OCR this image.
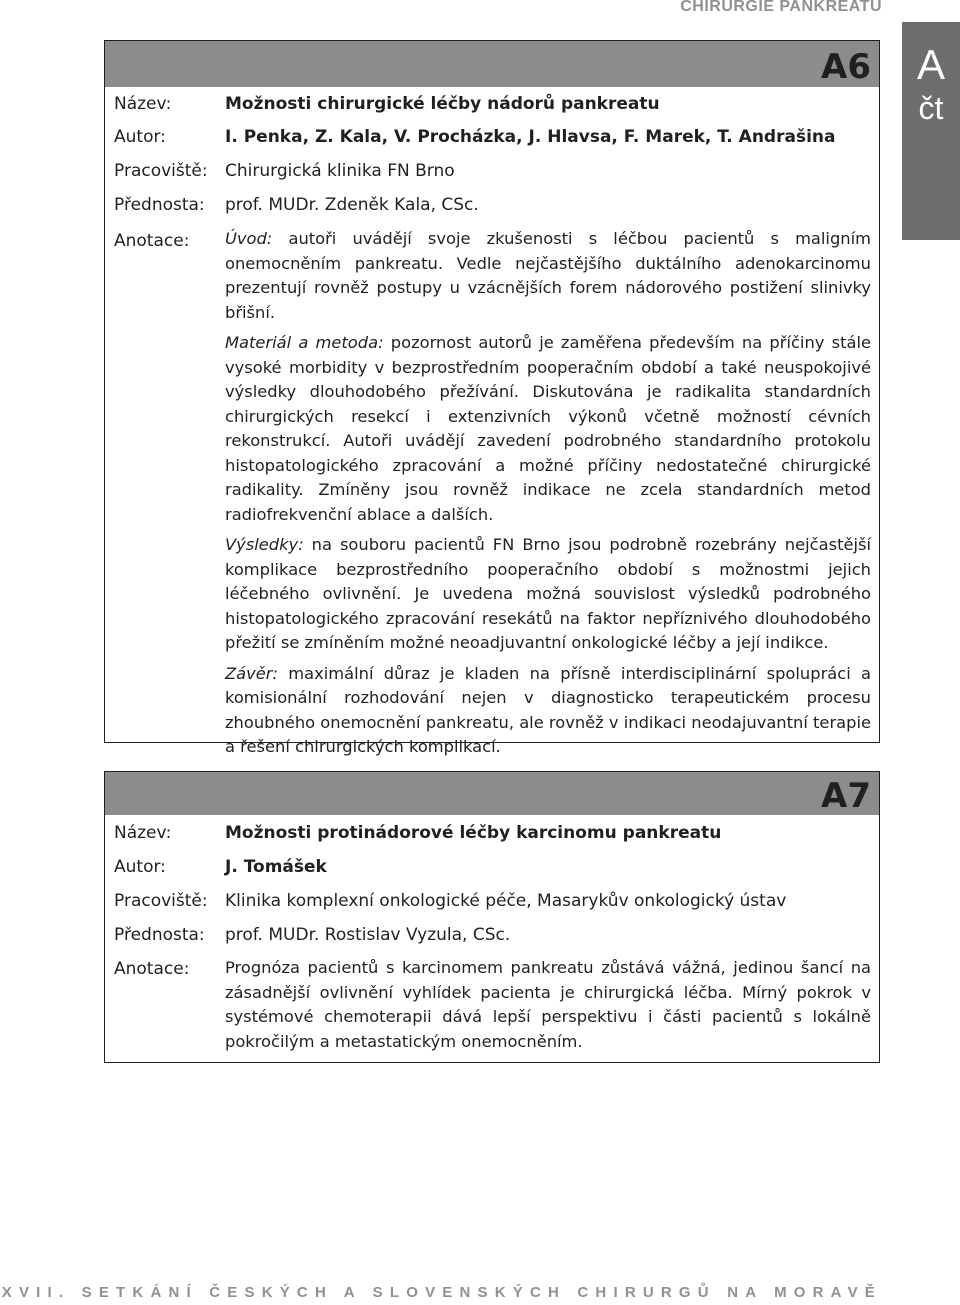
CHIRURGIE PANKREATU
A
čt
A6
Název:	Možnosti chirurgické léčby nádorů pankreatu
Autor:	I. Penka, Z. Kala, V. Procházka, J. Hlavsa, F. Marek, T. Andrašina
Pracoviště: Chirurgická klinika FN Brno
Přednosta: prof. MUDr. Zdeněk Kala, CSc.
Anotace: Úvod: autoři uvádějí svoje zkušenosti s léčbou pacientů s maligním onemocněním pankreatu. Vedle nejčastějšího duktálního adenokarcinomu prezentují rovněž postupy u vzácnějších forem nádorového postižení slinivky břišní.

Materiál a metoda: pozornost autorů je zaměřena především na příčiny stále vysoké morbidity v bezprostředním pooperačním období a také neuspokojivé výsledky dlouhodobého přežívání. Diskutována je radikalita standardních chirurgických resekcí i extenzivních výkonů včetně možností cévních rekonstrukcí. Autoři uvádějí zavedení podrobného standardního protokolu histopatologického zpracování a možné příčiny nedostatečné chirurgické radikality. Zmíněny jsou rovněž indikace ne zcela standardních metod radiofrekvenční ablace a dalších.

Výsledky: na souboru pacientů FN Brno jsou podrobně rozebrány nejčastější komplikace bezprostředního pooperačního období s možnostmi jejich léčebného ovlivnění. Je uvedena možná souvislost výsledků podrobného histopatologického zpracování resekátů na faktor nepříznivého dlouhodobého přežití se zmíněním možné neoadjuvantní onkologické léčby a její indikce.

Závěr: maximální důraz je kladen na přísně interdisciplinární spolupráci a komisionální rozhodování nejen v diagnosticko terapeutickém procesu zhoubného onemocnění pankreatu, ale rovněž v indikaci neodajuvantní terapie a řešení chirurgických komplikací.

A7
Název:	Možnosti protinádorové léčby karcinomu pankreatu
Autor:	J. Tomášek
Pracoviště: Klinika komplexní onkologické péče, Masarykův onkologický ústav
Přednosta: prof. MUDr. Rostislav Vyzula, CSc.
Anotace: Prognóza pacientů s karcinomem pankreatu zůstává vážná, jedinou šancí na zásadnější ovlivnění vyhlídek pacienta je chirurgická léčba. Mírný pokrok v systémové chemoterapii dává lepší perspektivu i části pacientů s lokálně pokročilým a metastatickým onemocněním.

XVII. SETKÁNÍ ČESKÝCH A SLOVENSKÝCH CHIRURGŮ NA MORAVĚ
